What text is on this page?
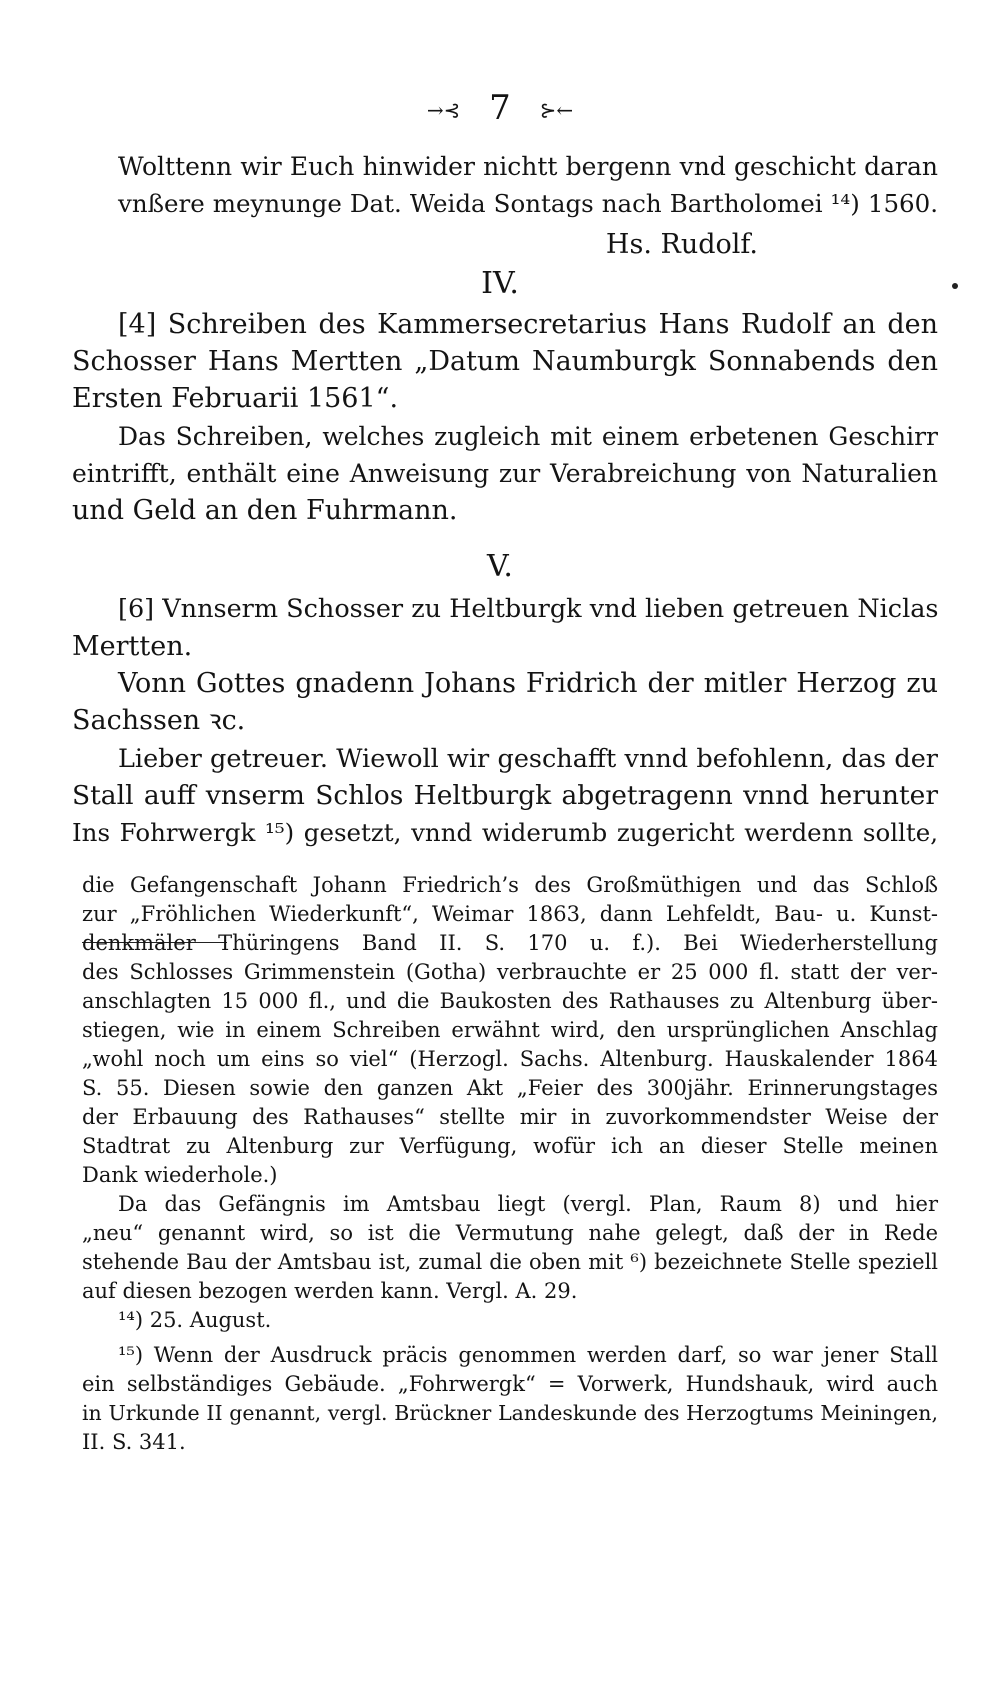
→⊰ 7 ⊱←
Wolttenn wir Euch hinwider nichtt bergenn vnd geschicht daran
vnßere meynunge Dat. Weida Sontags nach Bartholomei ¹⁴) 1560.
Hs. Rudolf.
IV.
[4] Schreiben des Kammersecretarius Hans Rudolf an den
Schosser Hans Mertten „Datum Naumburgk Sonnabends den
Ersten Februarii 1561“.
Das Schreiben, welches zugleich mit einem erbetenen Geschirr
eintrifft, enthält eine Anweisung zur Verabreichung von Naturalien
und Geld an den Fuhrmann.
V.
[6] Vnnserm Schosser zu Heltburgk vnd lieben getreuen Niclas
Mertten.
Vonn Gottes gnadenn Johans Fridrich der mitler Herzog zu
Sachssen ꝛc.
Lieber getreuer. Wiewoll wir geschafft vnnd befohlenn, das der
Stall auff vnserm Schlos Heltburgk abgetragenn vnnd herunter
Ins Fohrwergk ¹⁵) gesetzt, vnnd widerumb zugericht werdenn sollte,
die Gefangenschaft Johann Friedrich’s des Großmüthigen und das Schloß
zur „Fröhlichen Wiederkunft“, Weimar 1863, dann Lehfeldt, Bau- u. Kunst-
denkmäler Thüringens Band II. S. 170 u. f.). Bei Wiederherstellung
des Schlosses Grimmenstein (Gotha) verbrauchte er 25 000 fl. statt der ver-
anschlagten 15 000 fl., und die Baukosten des Rathauses zu Altenburg über-
stiegen, wie in einem Schreiben erwähnt wird, den ursprünglichen Anschlag
„wohl noch um eins so viel“ (Herzogl. Sachs. Altenburg. Hauskalender 1864
S. 55. Diesen sowie den ganzen Akt „Feier des 300jähr. Erinnerungstages
der Erbauung des Rathauses“ stellte mir in zuvorkommendster Weise der
Stadtrat zu Altenburg zur Verfügung, wofür ich an dieser Stelle meinen
Dank wiederhole.)
Da das Gefängnis im Amtsbau liegt (vergl. Plan, Raum 8) und hier
„neu“ genannt wird, so ist die Vermutung nahe gelegt, daß der in Rede
stehende Bau der Amtsbau ist, zumal die oben mit ⁶) bezeichnete Stelle speziell
auf diesen bezogen werden kann. Vergl. A. 29.
¹⁴) 25. August.
¹⁵) Wenn der Ausdruck präcis genommen werden darf, so war jener Stall
ein selbständiges Gebäude. „Fohrwergk“ = Vorwerk, Hundshauk, wird auch
in Urkunde II genannt, vergl. Brückner Landeskunde des Herzogtums Meiningen,
II. S. 341.
